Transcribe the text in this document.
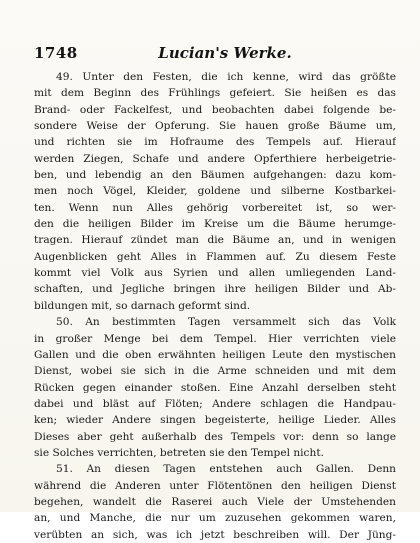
1748	Lucian's Werke.
49. Unter den Festen, die ich kenne, wird das größte
mit dem Beginn des Frühlings gefeiert. Sie heißen es das
Brand- oder Fackelfest, und beobachten dabei folgende be-
sondere Weise der Opferung. Sie hauen große Bäume um,
und richten sie im Hofraume des Tempels auf. Hierauf
werden Ziegen, Schafe und andere Opferthiere herbeigetrie-
ben, und lebendig an den Bäumen aufgehangen: dazu kom-
men noch Vögel, Kleider, goldene und silberne Kostbarkei-
ten. Wenn nun Alles gehörig vorbereitet ist, so wer-
den die heiligen Bilder im Kreise um die Bäume herumge-
tragen. Hierauf zündet man die Bäume an, und in wenigen
Augenblicken geht Alles in Flammen auf. Zu diesem Feste
kommt viel Volk aus Syrien und allen umliegenden Land-
schaften, und Jegliche bringen ihre heiligen Bilder und Ab-
bildungen mit, so darnach geformt sind.
50. An bestimmten Tagen versammelt sich das Volk
in großer Menge bei dem Tempel. Hier verrichten viele
Gallen und die oben erwähnten heiligen Leute den mystischen
Dienst, wobei sie sich in die Arme schneiden und mit dem
Rücken gegen einander stoßen. Eine Anzahl derselben steht
dabei und bläst auf Flöten; Andere schlagen die Handpau-
ken; wieder Andere singen begeisterte, heilige Lieder. Alles
Dieses aber geht außerhalb des Tempels vor: denn so lange
sie Solches verrichten, betreten sie den Tempel nicht.
51. An diesen Tagen entstehen auch Gallen. Denn
während die Anderen unter Flötentönen den heiligen Dienst
begehen, wandelt die Raserei auch Viele der Umstehenden
an, und Manche, die nur um zuzusehen gekommen waren,
verübten an sich, was ich jetzt beschreiben will. Der Jüng-
